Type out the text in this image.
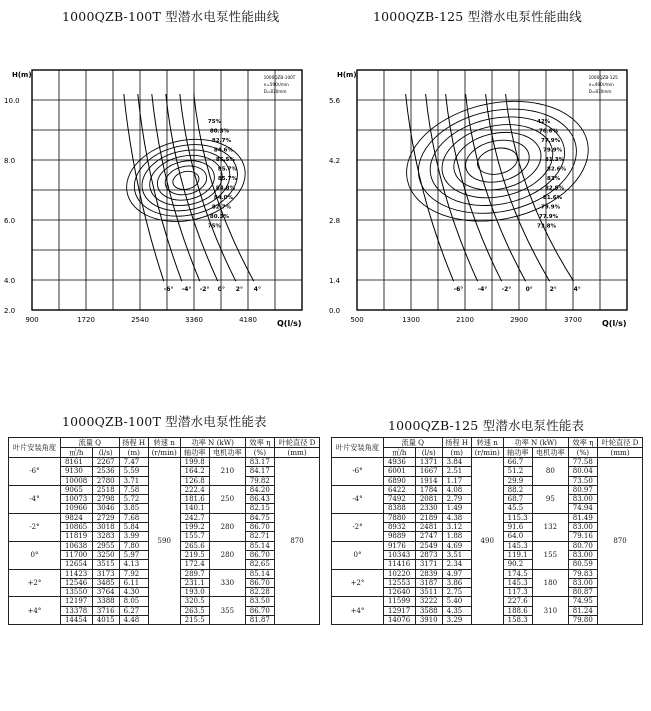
1000QZB-100T 型潜水电泵性能曲线	1000QZB-125 型潜水电泵性能曲线
1000QZB-100T 型潜水电泵性能表	1000QZB-125 型潜水电泵性能表
H(m)
Q(l/s)
10.0
8.0
6.0
4.0
2.0
900	1720	2540	3360	4180
1000QZB-100T
n=590r/min
D=870mm
-6° -4° -2° 0° 2° 4°
75%
80.3%
82.7%
84.6%
85.5%
85.7%
85.7%
84.8%
84.0%
82.7%
80.3%
75%
H(m)
Q(l/s)
5.6
4.2
2.8
1.4
0.0
500	1300	2100	2900	3700
1000QZB-125
n=490r/min
D=870mm
-6° -4° -2° 0°	2°	4°
42%
76.6%
77.9%
79.9%
81.3%
82.6%
83%
82.9%
81.6%
79.9%
77.9%
73.8%
叶片安装角度	流量 Q		扬程 H	转速 n	功率 N (kW)		效率 η	叶轮直径 D
					轴功率	电机功率		
	㎥/h	(l/s)	(m)	(r/min)			(%)	(mm)
-6°	8161	2267	7.47	590	199.8	210	83.17	870
	9130	2536	5.59		164.2		84.17	
	10008	2780	3.71		126.8		79.82	
-4°	9065	2518	7.58		222.4	250	84.20	
	10073	2798	5.72		181.6		86.43	
	10966	3046	3.85		140.1		82.15	
-2°	9824	2729	7.68		242.7	280	84.75	
	10865	3018	5.84		199.2		86.70	
	11819	3283	3.99		155.7		82.71	
0°	10638	2955	7.80		265.6	280	85.14	
	11700	3250	5.97		219.5		86.70	
	12654	3515	4.13		172.4		82.65	
+2°	11423	3173	7.92		289.7	330	85.14	
	12546	3485	6.11		231.1		86.70	
	13550	3764	4.30		193.0		82.28	
+4°	12197	3388	8.05		320.5	355	83.50	
	13378	3716	6.27		263.5		86.70	
	14454	4015	4.48		215.5		81.87	
叶片安装角度	流量 Q		扬程 H	转速 n	功率 N (kW)		效率 η	叶轮直径 D
					轴功率	电机功率		
	㎥/h	(l/s)	(m)	(r/min)			(%)	(mm)
-6°	4936	1371	3.84	490	66.7	80	77.58	870
	6001	1667	2.51		51.2		80.04	
	6890	1914	1.17		29.9		73.50	
-4°	6422	1784	4.08		88.2	95	80.97	
	7492	2081	2.79		68.7		83.00	
	8388	2330	1.49		45.5		74.94	
-2°	7880	2189	4.38		115.3	132	81.49	
	8932	2481	3.12		91.6		83.00	
	9889	2747	1.88		64.0		79.16	
0°	9176	2549	4.69		145.3	155	80.70	
	10343	2873	3.51		119.1		83.00	
	11416	3171	2.34		90.2		80.59	
+2°	10220	2839	4.97		174.5	180	79.83	
	12553	3187	3.86		145.3		83.00	
	12640	3511	2.75		117.3		80.87	
+4°	11599	3222	5.40		227.6	310	74.95	
	12917	3588	4.35		188.6		81.24	
	14076	3910	3.29		158.3		79.80	
